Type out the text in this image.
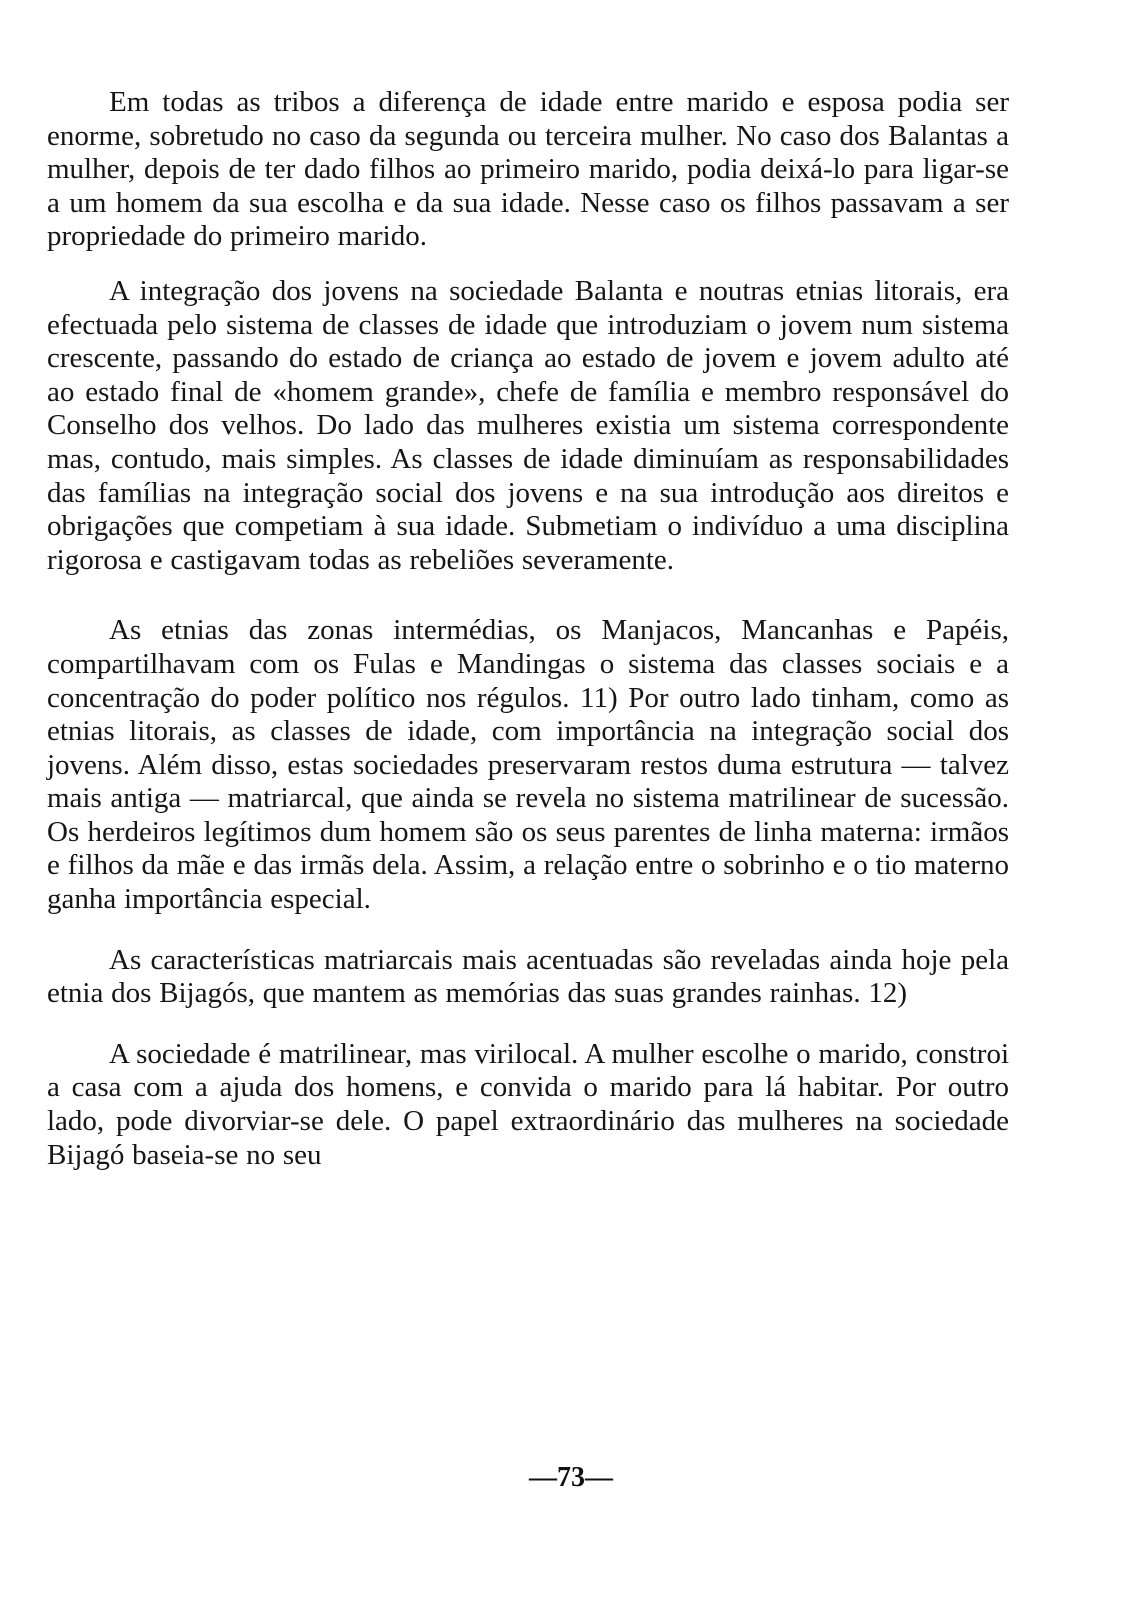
Em todas as tribos a diferença de idade entre marido e esposa podia ser enorme, sobretudo no caso da segunda ou terceira mulher. No caso dos Balantas a mulher, depois de ter dado filhos ao primeiro marido, podia deixá-lo para ligar-se a um homem da sua escolha e da sua idade. Nesse caso os filhos passavam a ser propriedade do primeiro marido.

A integração dos jovens na sociedade Balanta e noutras etnias litorais, era efectuada pelo sistema de classes de idade que introduziam o jovem num sistema crescente, passando do estado de criança ao estado de jovem e jovem adulto até ao estado final de «homem grande», chefe de família e membro responsável do Conselho dos velhos. Do lado das mulheres existia um sistema correspondente mas, contudo, mais simples. As classes de idade diminuíam as responsabilidades das famílias na integração social dos jovens e na sua introdução aos direitos e obrigações que competiam à sua idade. Submetiam o indivíduo a uma disciplina rigorosa e castigavam todas as rebeliões severamente.

As etnias das zonas intermédias, os Manjacos, Mancanhas e Papéis, compartilhavam com os Fulas e Mandingas o sistema das classes sociais e a concentração do poder político nos régulos. 11) Por outro lado tinham, como as etnias litorais, as classes de idade, com importância na integração social dos jovens. Além disso, estas sociedades preservaram restos duma estrutura — talvez mais antiga — matriarcal, que ainda se revela no sistema matrilinear de sucessão. Os herdeiros legítimos dum homem são os seus parentes de linha materna: irmãos e filhos da mãe e das irmãs dela. Assim, a relação entre o sobrinho e o tio materno ganha importância especial.

As características matriarcais mais acentuadas são reveladas ainda hoje pela etnia dos Bijagós, que mantem as memórias das suas grandes rainhas. 12)

A sociedade é matrilinear, mas virilocal. A mulher escolhe o marido, constroi a casa com a ajuda dos homens, e convida o marido para lá habitar. Por outro lado, pode divorviar-se dele. O papel extraordinário das mulheres na sociedade Bijagó baseia-se no seu

—73—
